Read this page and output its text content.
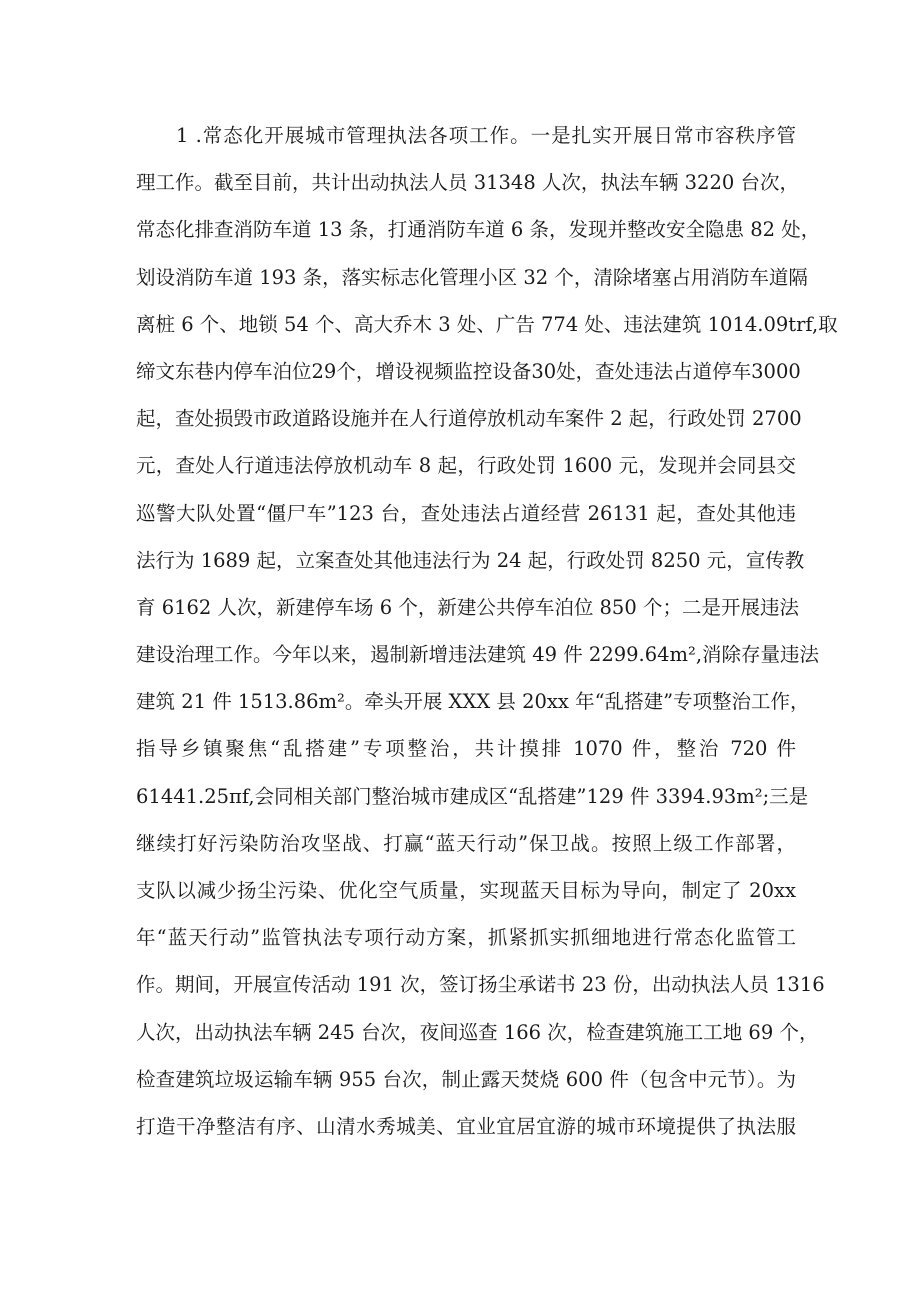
1 .常态化开展城市管理执法各项工作。一是扎实开展日常市容秩序管
理工作。截至目前，共计出动执法人员 31348 人次，执法车辆 3220 台次，
常态化排查消防车道 13 条，打通消防车道 6 条，发现并整改安全隐患 82 处，
划设消防车道 193 条，落实标志化管理小区 32 个，清除堵塞占用消防车道隔
离桩 6 个、地锁 54 个、高大乔木 3 处、广告 774 处、违法建筑 1014.09trf,取
缔文东巷内停车泊位29个，增设视频监控设备30处，查处违法占道停车3000
起，查处损毁市政道路设施并在人行道停放机动车案件 2 起，行政处罚 2700
元，查处人行道违法停放机动车 8 起，行政处罚 1600 元，发现并会同县交
巡警大队处置“僵尸车”123 台，查处违法占道经营 26131 起，查处其他违
法行为 1689 起，立案查处其他违法行为 24 起，行政处罚 8250 元，宣传教
育 6162 人次，新建停车场 6 个，新建公共停车泊位 850 个；二是开展违法
建设治理工作。今年以来，遏制新增违法建筑 49 件 2299.64m²,消除存量违法
建筑 21 件 1513.86m²。牵头开展 XXX 县 20xx 年“乱搭建”专项整治工作，
指导乡镇聚焦“乱搭建”专项整治，共计摸排 1070 件，整治 720 件
61441.25πf,会同相关部门整治城市建成区“乱搭建”129 件 3394.93m²;三是
继续打好污染防治攻坚战、打赢“蓝天行动”保卫战。按照上级工作部署，
支队以减少扬尘污染、优化空气质量，实现蓝天目标为导向，制定了 20xx
年“蓝天行动”监管执法专项行动方案，抓紧抓实抓细地进行常态化监管工
作。期间，开展宣传活动 191 次，签订扬尘承诺书 23 份，出动执法人员 1316
人次，出动执法车辆 245 台次，夜间巡查 166 次，检查建筑施工工地 69 个，
检查建筑垃圾运输车辆 955 台次，制止露天焚烧 600 件（包含中元节）。为
打造干净整洁有序、山清水秀城美、宜业宜居宜游的城市环境提供了执法服
